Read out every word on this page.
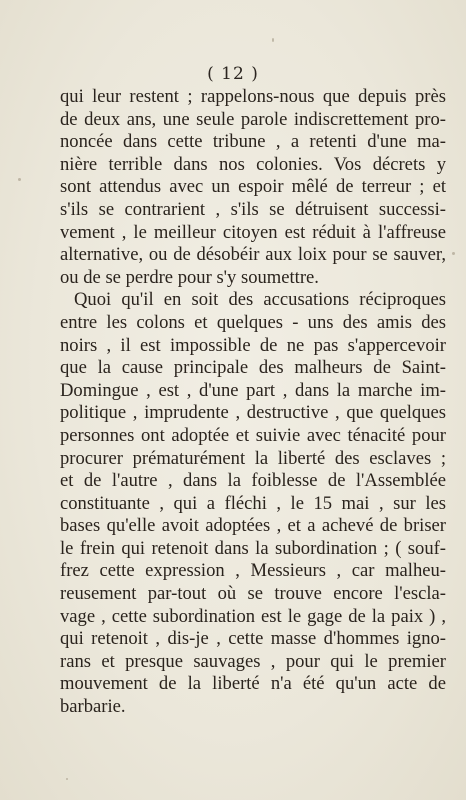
( 12 )
qui leur restent ; rappelons-nous que depuis près
de deux ans, une seule parole indiscrettement pro-
noncée dans cette tribune , a retenti d'une ma-
nière terrible dans nos colonies. Vos décrets y
sont attendus avec un espoir mêlé de terreur ; et
s'ils se contrarient , s'ils se détruisent successi-
vement , le meilleur citoyen est réduit à l'affreuse
alternative, ou de désobéir aux loix pour se sauver,
ou de se perdre pour s'y soumettre.
Quoi qu'il en soit des accusations réciproques
entre les colons et quelques - uns des amis des
noirs , il est impossible de ne pas s'appercevoir
que la cause principale des malheurs de Saint-
Domingue , est , d'une part , dans la marche im-
politique , imprudente , destructive , que quelques
personnes ont adoptée et suivie avec ténacité pour
procurer prématurément la liberté des esclaves ;
et de l'autre , dans la foiblesse de l'Assemblée
constituante , qui a fléchi , le 15 mai , sur les
bases qu'elle avoit adoptées , et a achevé de briser
le frein qui retenoit dans la subordination ; ( souf-
frez cette expression , Messieurs , car malheu-
reusement par-tout où se trouve encore l'escla-
vage , cette subordination est le gage de la paix ) ,
qui retenoit , dis-je , cette masse d'hommes igno-
rans et presque sauvages , pour qui le premier
mouvement de la liberté n'a été qu'un acte de
barbarie.
